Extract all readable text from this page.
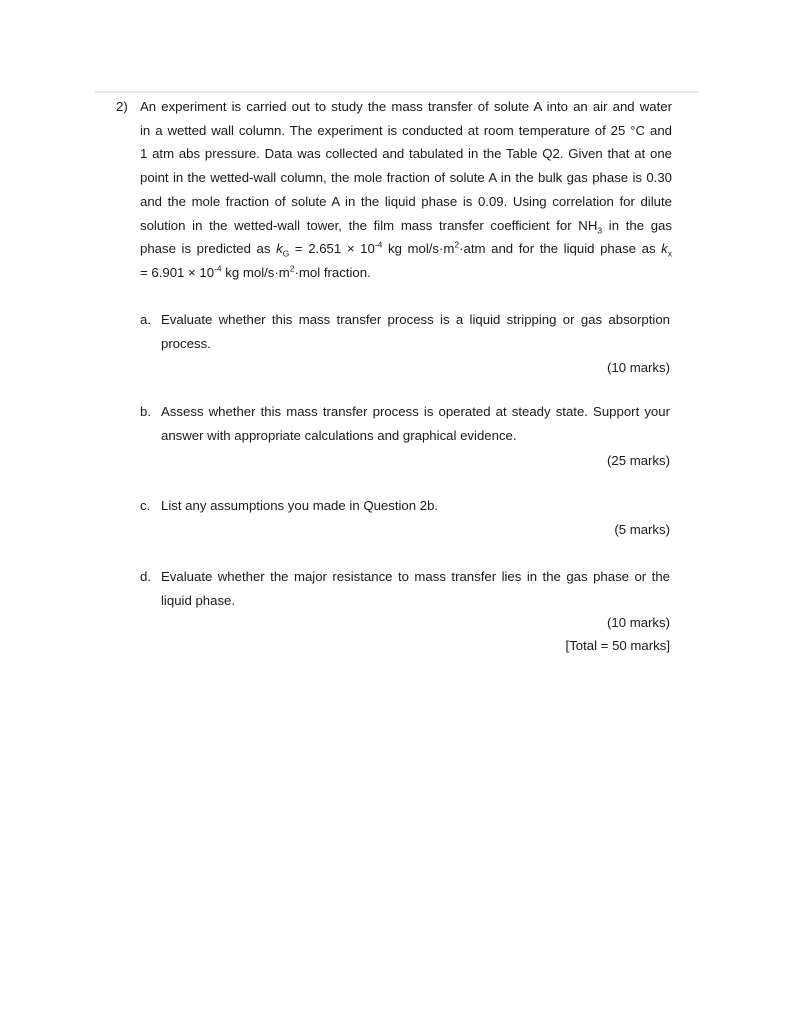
2) An experiment is carried out to study the mass transfer of solute A into an air and water
in a wetted wall column. The experiment is conducted at room temperature of 25 °C and
1 atm abs pressure. Data was collected and tabulated in the Table Q2. Given that at one
point in the wetted-wall column, the mole fraction of solute A in the bulk gas phase is 0.30
and the mole fraction of solute A in the liquid phase is 0.09. Using correlation for dilute
solution in the wetted-wall tower, the film mass transfer coefficient for $NH_3$ in the gas
phase is predicted as $k_G = 2.651 \times 10^{-4}$ kg mol/$s\cdot m^2\cdot atm$ and for the liquid phase as $k_x$
= $6.901 \times 10^{-4}$ kg mol/$s\cdot m^2\cdot mol$ fraction.
a. Evaluate whether this mass transfer process is a liquid stripping or gas absorption
process.
(10 marks)
b. Assess whether this mass transfer process is operated at steady state. Support your
answer with appropriate calculations and graphical evidence.
(25 marks)
c. List any assumptions you made in Question 2b.
(5 marks)
d. Evaluate whether the major resistance to mass transfer lies in the gas phase or the
liquid phase.
(10 marks)
[Total = 50 marks]
